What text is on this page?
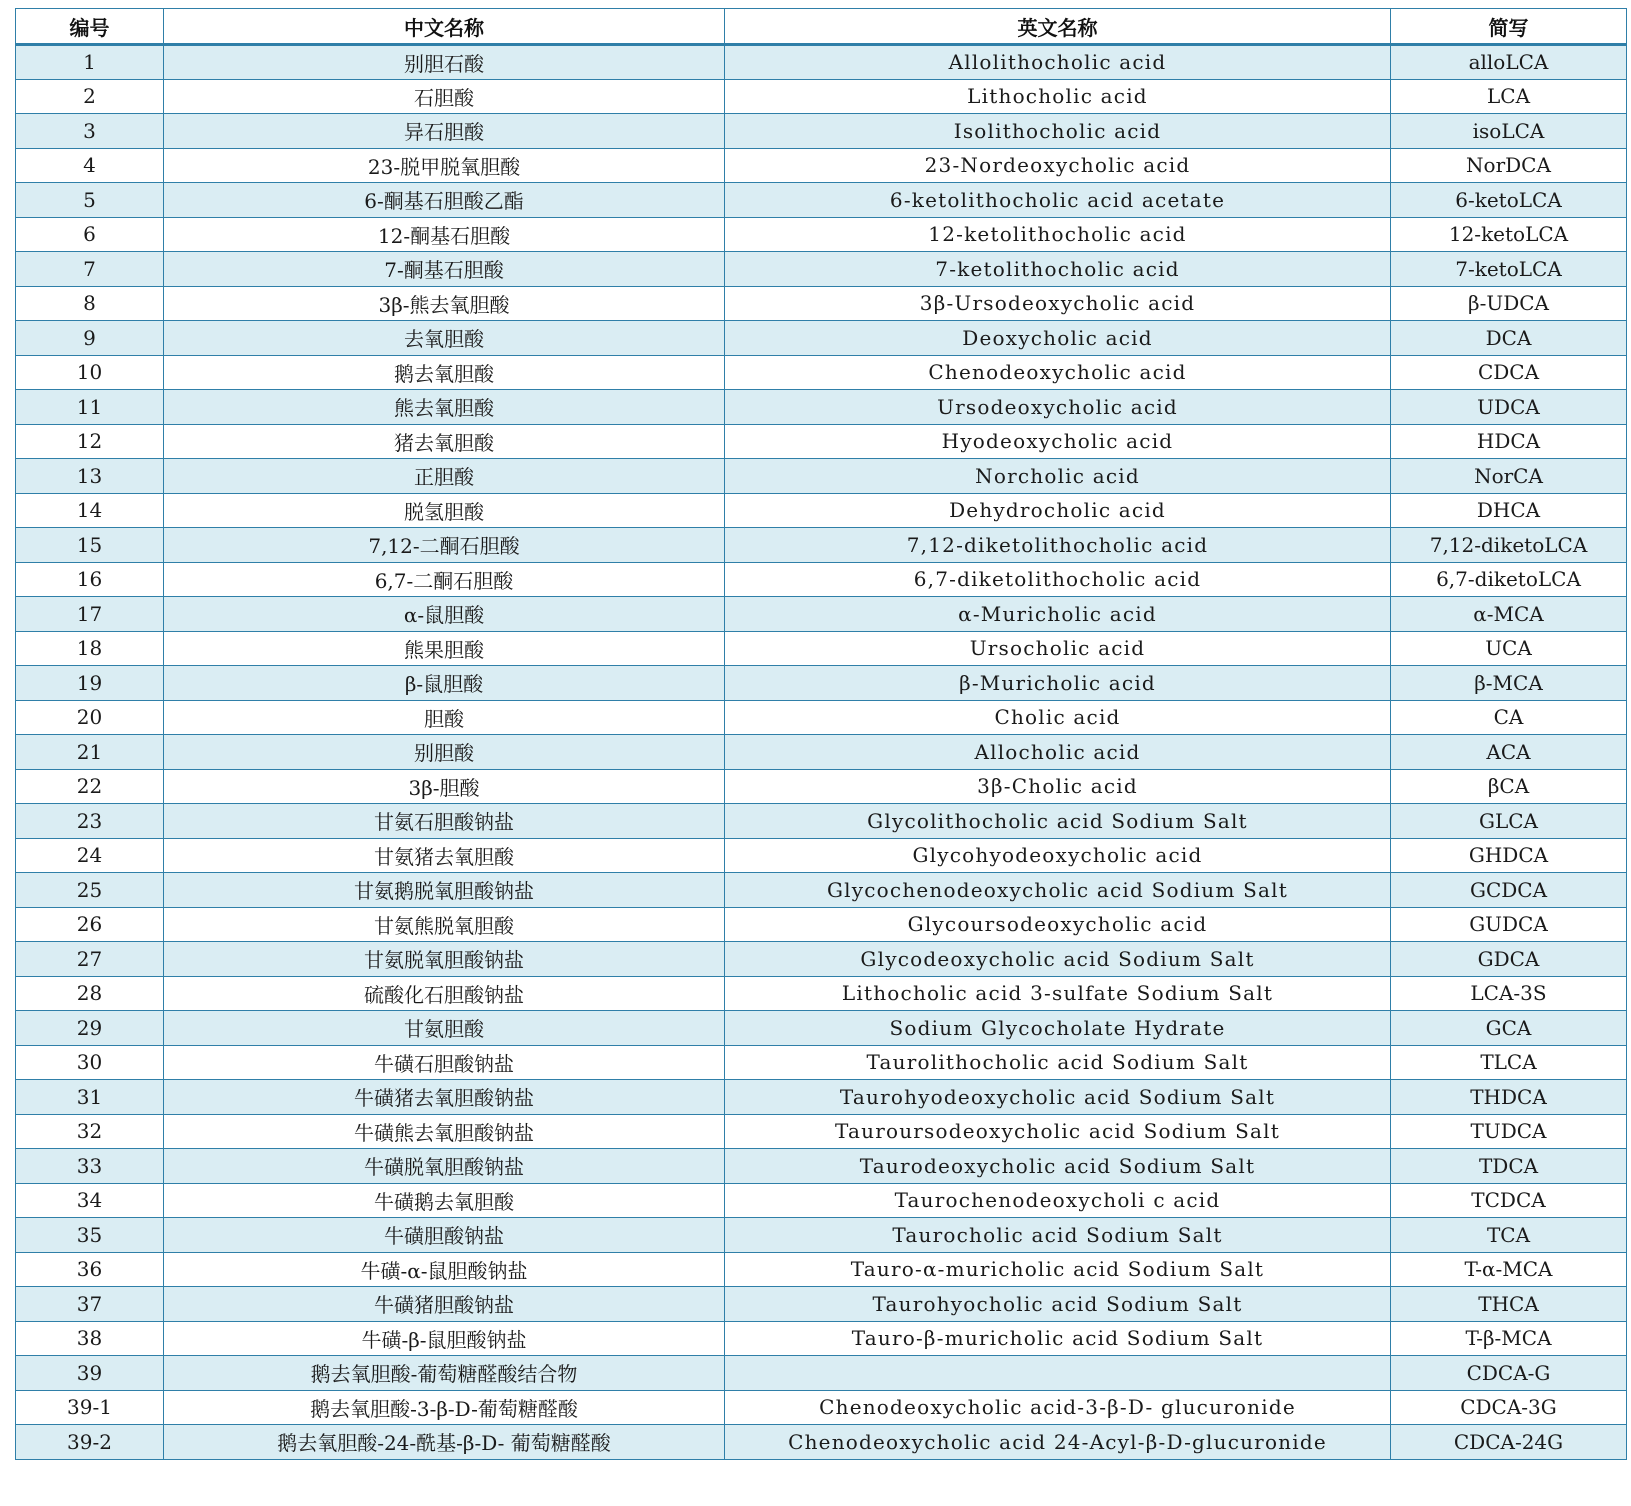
编号	中文名称	英文名称	简写
1	别胆石酸	Allolithocholic acid	alloLCA
2	石胆酸	Lithocholic acid	LCA
3	异石胆酸	Isolithocholic acid	isoLCA
4	23-脱甲脱氧胆酸	23-Nordeoxycholic acid	NorDCA
5	6-酮基石胆酸乙酯	6-ketolithocholic acid acetate	6-ketoLCA
6	12-酮基石胆酸	12-ketolithocholic acid	12-ketoLCA
7	7-酮基石胆酸	7-ketolithocholic acid	7-ketoLCA
8	3β-熊去氧胆酸	3β-Ursodeoxycholic acid	β-UDCA
9	去氧胆酸	Deoxycholic acid	DCA
10	鹅去氧胆酸	Chenodeoxycholic acid	CDCA
11	熊去氧胆酸	Ursodeoxycholic acid	UDCA
12	猪去氧胆酸	Hyodeoxycholic acid	HDCA
13	正胆酸	Norcholic acid	NorCA
14	脱氢胆酸	Dehydrocholic acid	DHCA
15	7,12-二酮石胆酸	7,12-diketolithocholic acid	7,12-diketoLCA
16	6,7-二酮石胆酸	6,7-diketolithocholic acid	6,7-diketoLCA
17	α-鼠胆酸	α-Muricholic acid	α-MCA
18	熊果胆酸	Ursocholic acid	UCA
19	β-鼠胆酸	β-Muricholic acid	β-MCA
20	胆酸	Cholic acid	CA
21	别胆酸	Allocholic acid	ACA
22	3β-胆酸	3β-Cholic acid	βCA
23	甘氨石胆酸钠盐	Glycolithocholic acid Sodium Salt	GLCA
24	甘氨猪去氧胆酸	Glycohyodeoxycholic acid	GHDCA
25	甘氨鹅脱氧胆酸钠盐	Glycochenodeoxycholic acid Sodium Salt	GCDCA
26	甘氨熊脱氧胆酸	Glycoursodeoxycholic acid	GUDCA
27	甘氨脱氧胆酸钠盐	Glycodeoxycholic acid Sodium Salt	GDCA
28	硫酸化石胆酸钠盐	Lithocholic acid 3-sulfate Sodium Salt	LCA-3S
29	甘氨胆酸	Sodium Glycocholate Hydrate	GCA
30	牛磺石胆酸钠盐	Taurolithocholic acid Sodium Salt	TLCA
31	牛磺猪去氧胆酸钠盐	Taurohyodeoxycholic acid Sodium Salt	THDCA
32	牛磺熊去氧胆酸钠盐	Tauroursodeoxycholic acid Sodium Salt	TUDCA
33	牛磺脱氧胆酸钠盐	Taurodeoxycholic acid Sodium Salt	TDCA
34	牛磺鹅去氧胆酸	Taurochenodeoxycholi c acid	TCDCA
35	牛磺胆酸钠盐	Taurocholic acid Sodium Salt	TCA
36	牛磺-α-鼠胆酸钠盐	Tauro-α-muricholic acid Sodium Salt	T-α-MCA
37	牛磺猪胆酸钠盐	Taurohyocholic acid Sodium Salt	THCA
38	牛磺-β-鼠胆酸钠盐	Tauro-β-muricholic acid Sodium Salt	T-β-MCA
39	鹅去氧胆酸-葡萄糖醛酸结合物		CDCA-G
39-1	鹅去氧胆酸-3-β-D-葡萄糖醛酸	Chenodeoxycholic acid-3-β-D- glucuronide	CDCA-3G
39-2	鹅去氧胆酸-24-酰基-β-D- 葡萄糖醛酸	Chenodeoxycholic acid 24-Acyl-β-D-glucuronide	CDCA-24G
